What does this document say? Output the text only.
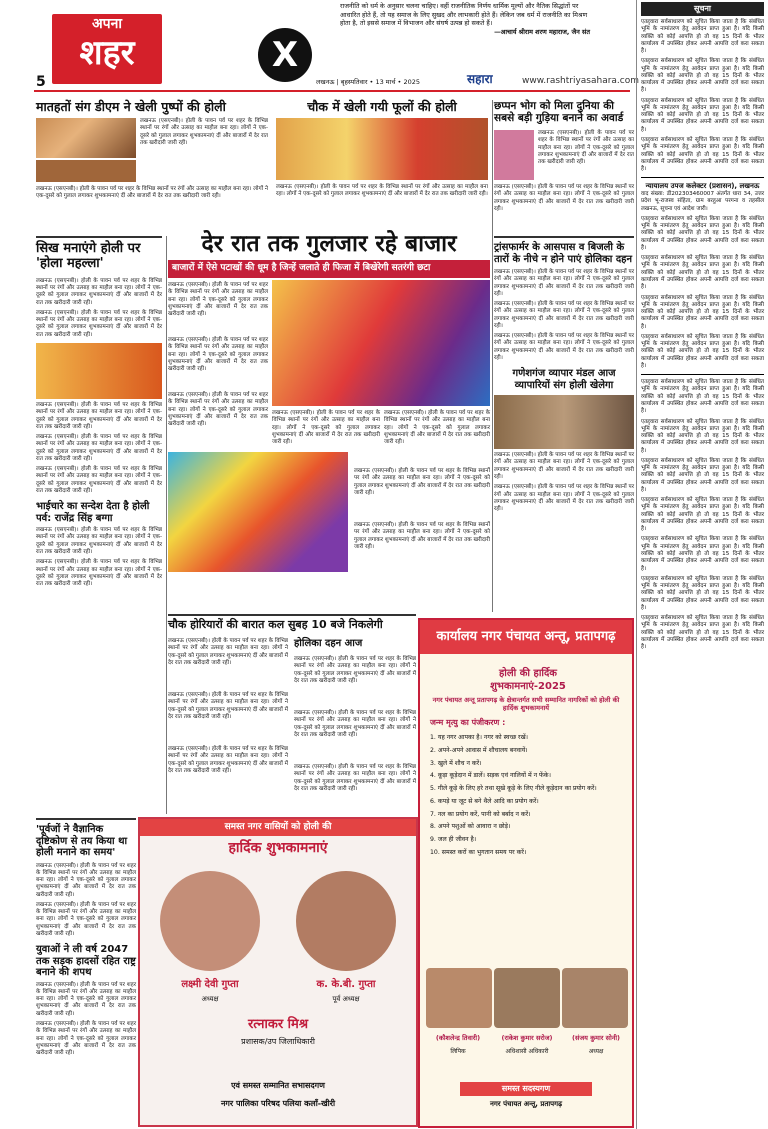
अपना
शहर
5
X
राजनीति को धर्म के अनुसार चलना चाहिए। वहीं राजनीतिक निर्णय धार्मिक मूल्यों और नैतिक सिद्धांतों पर आधारित होते हैं, तो यह समाज के लिए सुखद और लाभकारी होते हैं। लेकिन जब धर्म में राजनीति का मिश्रण होता है, तो इससे समाज में विभाजन और संघर्ष उत्पन्न हो सकते हैं।

—आचार्य श्रीराम शरण महाराज, जैन संत
लखनऊ | बृहस्पतिवार • 13 मार्च • 2025	सहारा	www.rashtriyasahara.com
सूचना

एतद्द्वारा सर्वसाधारण को सूचित किया जाता है कि संबंधित भूमि के नामांतरण हेतु आवेदन प्राप्त हुआ है। यदि किसी व्यक्ति को कोई आपत्ति हो तो वह 15 दिनों के भीतर कार्यालय में उपस्थित होकर अपनी आपत्ति दर्ज करा सकता है।

एतद्द्वारा सर्वसाधारण को सूचित किया जाता है कि संबंधित भूमि के नामांतरण हेतु आवेदन प्राप्त हुआ है। यदि किसी व्यक्ति को कोई आपत्ति हो तो वह 15 दिनों के भीतर कार्यालय में उपस्थित होकर अपनी आपत्ति दर्ज करा सकता है।

एतद्द्वारा सर्वसाधारण को सूचित किया जाता है कि संबंधित भूमि के नामांतरण हेतु आवेदन प्राप्त हुआ है। यदि किसी व्यक्ति को कोई आपत्ति हो तो वह 15 दिनों के भीतर कार्यालय में उपस्थित होकर अपनी आपत्ति दर्ज करा सकता है।

एतद्द्वारा सर्वसाधारण को सूचित किया जाता है कि संबंधित भूमि के नामांतरण हेतु आवेदन प्राप्त हुआ है। यदि किसी व्यक्ति को कोई आपत्ति हो तो वह 15 दिनों के भीतर कार्यालय में उपस्थित होकर अपनी आपत्ति दर्ज करा सकता है।

न्यायालय उपज कलेक्टर (प्रशासन), लखनऊ

वाद संख्या: डी202303460007 अंतर्गत धारा 34, उत्तर प्रदेश भू-राजस्व संहिता, ग्राम बरहुआ परगना व तहसील लखनऊ, सूचना एवं आदेश जारी।

एतद्द्वारा सर्वसाधारण को सूचित किया जाता है कि संबंधित भूमि के नामांतरण हेतु आवेदन प्राप्त हुआ है। यदि किसी व्यक्ति को कोई आपत्ति हो तो वह 15 दिनों के भीतर कार्यालय में उपस्थित होकर अपनी आपत्ति दर्ज करा सकता है।

एतद्द्वारा सर्वसाधारण को सूचित किया जाता है कि संबंधित भूमि के नामांतरण हेतु आवेदन प्राप्त हुआ है। यदि किसी व्यक्ति को कोई आपत्ति हो तो वह 15 दिनों के भीतर कार्यालय में उपस्थित होकर अपनी आपत्ति दर्ज करा सकता है।

एतद्द्वारा सर्वसाधारण को सूचित किया जाता है कि संबंधित भूमि के नामांतरण हेतु आवेदन प्राप्त हुआ है। यदि किसी व्यक्ति को कोई आपत्ति हो तो वह 15 दिनों के भीतर कार्यालय में उपस्थित होकर अपनी आपत्ति दर्ज करा सकता है।

एतद्द्वारा सर्वसाधारण को सूचित किया जाता है कि संबंधित भूमि के नामांतरण हेतु आवेदन प्राप्त हुआ है। यदि किसी व्यक्ति को कोई आपत्ति हो तो वह 15 दिनों के भीतर कार्यालय में उपस्थित होकर अपनी आपत्ति दर्ज करा सकता है।

एतद्द्वारा सर्वसाधारण को सूचित किया जाता है कि संबंधित भूमि के नामांतरण हेतु आवेदन प्राप्त हुआ है। यदि किसी व्यक्ति को कोई आपत्ति हो तो वह 15 दिनों के भीतर कार्यालय में उपस्थित होकर अपनी आपत्ति दर्ज करा सकता है।

एतद्द्वारा सर्वसाधारण को सूचित किया जाता है कि संबंधित भूमि के नामांतरण हेतु आवेदन प्राप्त हुआ है। यदि किसी व्यक्ति को कोई आपत्ति हो तो वह 15 दिनों के भीतर कार्यालय में उपस्थित होकर अपनी आपत्ति दर्ज करा सकता है।

एतद्द्वारा सर्वसाधारण को सूचित किया जाता है कि संबंधित भूमि के नामांतरण हेतु आवेदन प्राप्त हुआ है। यदि किसी व्यक्ति को कोई आपत्ति हो तो वह 15 दिनों के भीतर कार्यालय में उपस्थित होकर अपनी आपत्ति दर्ज करा सकता है।

एतद्द्वारा सर्वसाधारण को सूचित किया जाता है कि संबंधित भूमि के नामांतरण हेतु आवेदन प्राप्त हुआ है। यदि किसी व्यक्ति को कोई आपत्ति हो तो वह 15 दिनों के भीतर कार्यालय में उपस्थित होकर अपनी आपत्ति दर्ज करा सकता है।

एतद्द्वारा सर्वसाधारण को सूचित किया जाता है कि संबंधित भूमि के नामांतरण हेतु आवेदन प्राप्त हुआ है। यदि किसी व्यक्ति को कोई आपत्ति हो तो वह 15 दिनों के भीतर कार्यालय में उपस्थित होकर अपनी आपत्ति दर्ज करा सकता है।

एतद्द्वारा सर्वसाधारण को सूचित किया जाता है कि संबंधित भूमि के नामांतरण हेतु आवेदन प्राप्त हुआ है। यदि किसी व्यक्ति को कोई आपत्ति हो तो वह 15 दिनों के भीतर कार्यालय में उपस्थित होकर अपनी आपत्ति दर्ज करा सकता है।

एतद्द्वारा सर्वसाधारण को सूचित किया जाता है कि संबंधित भूमि के नामांतरण हेतु आवेदन प्राप्त हुआ है। यदि किसी व्यक्ति को कोई आपत्ति हो तो वह 15 दिनों के भीतर कार्यालय में उपस्थित होकर अपनी आपत्ति दर्ज करा सकता है।

मातहतों संग डीएम ने खेली पुष्पों की होली
लखनऊ (एसएनबी)। होली के पावन पर्व पर शहर के विभिन्न स्थानों पर रंगों और उत्साह का माहौल बना रहा। लोगों ने एक-दूसरे को गुलाल लगाकर शुभकामनाएं दीं और बाजारों में देर रात तक खरीदारी जारी रही।
लखनऊ (एसएनबी)। होली के पावन पर्व पर शहर के विभिन्न स्थानों पर रंगों और उत्साह का माहौल बना रहा। लोगों ने एक-दूसरे को गुलाल लगाकर शुभकामनाएं दीं और बाजारों में देर रात तक खरीदारी जारी रही।
चौक में खेली गयी फूलों की होली
लखनऊ (एसएनबी)। होली के पावन पर्व पर शहर के विभिन्न स्थानों पर रंगों और उत्साह का माहौल बना रहा। लोगों ने एक-दूसरे को गुलाल लगाकर शुभकामनाएं दीं और बाजारों में देर रात तक खरीदारी जारी रही।
छप्पन भोग को मिला दुनिया की सबसे बड़ी गुड़िया बनाने का अवार्ड
लखनऊ (एसएनबी)। होली के पावन पर्व पर शहर के विभिन्न स्थानों पर रंगों और उत्साह का माहौल बना रहा। लोगों ने एक-दूसरे को गुलाल लगाकर शुभकामनाएं दीं और बाजारों में देर रात तक खरीदारी जारी रही।
लखनऊ (एसएनबी)। होली के पावन पर्व पर शहर के विभिन्न स्थानों पर रंगों और उत्साह का माहौल बना रहा। लोगों ने एक-दूसरे को गुलाल लगाकर शुभकामनाएं दीं और बाजारों में देर रात तक खरीदारी जारी रही।
सिख मनाएंगे होली पर 'होला महल्ला'
लखनऊ (एसएनबी)। होली के पावन पर्व पर शहर के विभिन्न स्थानों पर रंगों और उत्साह का माहौल बना रहा। लोगों ने एक-दूसरे को गुलाल लगाकर शुभकामनाएं दीं और बाजारों में देर रात तक खरीदारी जारी रही।
लखनऊ (एसएनबी)। होली के पावन पर्व पर शहर के विभिन्न स्थानों पर रंगों और उत्साह का माहौल बना रहा। लोगों ने एक-दूसरे को गुलाल लगाकर शुभकामनाएं दीं और बाजारों में देर रात तक खरीदारी जारी रही।
लखनऊ (एसएनबी)। होली के पावन पर्व पर शहर के विभिन्न स्थानों पर रंगों और उत्साह का माहौल बना रहा। लोगों ने एक-दूसरे को गुलाल लगाकर शुभकामनाएं दीं और बाजारों में देर रात तक खरीदारी जारी रही।
लखनऊ (एसएनबी)। होली के पावन पर्व पर शहर के विभिन्न स्थानों पर रंगों और उत्साह का माहौल बना रहा। लोगों ने एक-दूसरे को गुलाल लगाकर शुभकामनाएं दीं और बाजारों में देर रात तक खरीदारी जारी रही।
लखनऊ (एसएनबी)। होली के पावन पर्व पर शहर के विभिन्न स्थानों पर रंगों और उत्साह का माहौल बना रहा। लोगों ने एक-दूसरे को गुलाल लगाकर शुभकामनाएं दीं और बाजारों में देर रात तक खरीदारी जारी रही।
भाईचारे का सन्देश देता है होली पर्व: राजेंद्र सिंह बग्गा
लखनऊ (एसएनबी)। होली के पावन पर्व पर शहर के विभिन्न स्थानों पर रंगों और उत्साह का माहौल बना रहा। लोगों ने एक-दूसरे को गुलाल लगाकर शुभकामनाएं दीं और बाजारों में देर रात तक खरीदारी जारी रही।
लखनऊ (एसएनबी)। होली के पावन पर्व पर शहर के विभिन्न स्थानों पर रंगों और उत्साह का माहौल बना रहा। लोगों ने एक-दूसरे को गुलाल लगाकर शुभकामनाएं दीं और बाजारों में देर रात तक खरीदारी जारी रही।
'पूर्वजों ने वैज्ञानिक दृष्टिकोण से तय किया था होली मनाने का समय'
लखनऊ (एसएनबी)। होली के पावन पर्व पर शहर के विभिन्न स्थानों पर रंगों और उत्साह का माहौल बना रहा। लोगों ने एक-दूसरे को गुलाल लगाकर शुभकामनाएं दीं और बाजारों में देर रात तक खरीदारी जारी रही।
लखनऊ (एसएनबी)। होली के पावन पर्व पर शहर के विभिन्न स्थानों पर रंगों और उत्साह का माहौल बना रहा। लोगों ने एक-दूसरे को गुलाल लगाकर शुभकामनाएं दीं और बाजारों में देर रात तक खरीदारी जारी रही।
युवाओं ने ली वर्ष 2047 तक सड़क हादसों रहित राष्ट्र बनाने की शपथ
लखनऊ (एसएनबी)। होली के पावन पर्व पर शहर के विभिन्न स्थानों पर रंगों और उत्साह का माहौल बना रहा। लोगों ने एक-दूसरे को गुलाल लगाकर शुभकामनाएं दीं और बाजारों में देर रात तक खरीदारी जारी रही।
लखनऊ (एसएनबी)। होली के पावन पर्व पर शहर के विभिन्न स्थानों पर रंगों और उत्साह का माहौल बना रहा। लोगों ने एक-दूसरे को गुलाल लगाकर शुभकामनाएं दीं और बाजारों में देर रात तक खरीदारी जारी रही।
देर रात तक गुलजार रहे बाजार
बाजारों में ऐसे पटाखों की धूम है जिन्हें जलाते ही फिजा में बिखेरेगी सतरंगी छटा
लखनऊ (एसएनबी)। होली के पावन पर्व पर शहर के विभिन्न स्थानों पर रंगों और उत्साह का माहौल बना रहा। लोगों ने एक-दूसरे को गुलाल लगाकर शुभकामनाएं दीं और बाजारों में देर रात तक खरीदारी जारी रही।
लखनऊ (एसएनबी)। होली के पावन पर्व पर शहर के विभिन्न स्थानों पर रंगों और उत्साह का माहौल बना रहा। लोगों ने एक-दूसरे को गुलाल लगाकर शुभकामनाएं दीं और बाजारों में देर रात तक खरीदारी जारी रही।
लखनऊ (एसएनबी)। होली के पावन पर्व पर शहर के विभिन्न स्थानों पर रंगों और उत्साह का माहौल बना रहा। लोगों ने एक-दूसरे को गुलाल लगाकर शुभकामनाएं दीं और बाजारों में देर रात तक खरीदारी जारी रही।
लखनऊ (एसएनबी)। होली के पावन पर्व पर शहर के विभिन्न स्थानों पर रंगों और उत्साह का माहौल बना रहा। लोगों ने एक-दूसरे को गुलाल लगाकर शुभकामनाएं दीं और बाजारों में देर रात तक खरीदारी जारी रही।
लखनऊ (एसएनबी)। होली के पावन पर्व पर शहर के विभिन्न स्थानों पर रंगों और उत्साह का माहौल बना रहा। लोगों ने एक-दूसरे को गुलाल लगाकर शुभकामनाएं दीं और बाजारों में देर रात तक खरीदारी जारी रही।
लखनऊ (एसएनबी)। होली के पावन पर्व पर शहर के विभिन्न स्थानों पर रंगों और उत्साह का माहौल बना रहा। लोगों ने एक-दूसरे को गुलाल लगाकर शुभकामनाएं दीं और बाजारों में देर रात तक खरीदारी जारी रही।
लखनऊ (एसएनबी)। होली के पावन पर्व पर शहर के विभिन्न स्थानों पर रंगों और उत्साह का माहौल बना रहा। लोगों ने एक-दूसरे को गुलाल लगाकर शुभकामनाएं दीं और बाजारों में देर रात तक खरीदारी जारी रही।
ट्रांसफार्मर के आसपास व बिजली के तारों के नीचे न होने पाएं होलिका दहन
लखनऊ (एसएनबी)। होली के पावन पर्व पर शहर के विभिन्न स्थानों पर रंगों और उत्साह का माहौल बना रहा। लोगों ने एक-दूसरे को गुलाल लगाकर शुभकामनाएं दीं और बाजारों में देर रात तक खरीदारी जारी रही।
लखनऊ (एसएनबी)। होली के पावन पर्व पर शहर के विभिन्न स्थानों पर रंगों और उत्साह का माहौल बना रहा। लोगों ने एक-दूसरे को गुलाल लगाकर शुभकामनाएं दीं और बाजारों में देर रात तक खरीदारी जारी रही।
लखनऊ (एसएनबी)। होली के पावन पर्व पर शहर के विभिन्न स्थानों पर रंगों और उत्साह का माहौल बना रहा। लोगों ने एक-दूसरे को गुलाल लगाकर शुभकामनाएं दीं और बाजारों में देर रात तक खरीदारी जारी रही।
गणेशगंज व्यापार मंडल आज व्यापारियों संग होली खेलेगा
लखनऊ (एसएनबी)। होली के पावन पर्व पर शहर के विभिन्न स्थानों पर रंगों और उत्साह का माहौल बना रहा। लोगों ने एक-दूसरे को गुलाल लगाकर शुभकामनाएं दीं और बाजारों में देर रात तक खरीदारी जारी रही।
लखनऊ (एसएनबी)। होली के पावन पर्व पर शहर के विभिन्न स्थानों पर रंगों और उत्साह का माहौल बना रहा। लोगों ने एक-दूसरे को गुलाल लगाकर शुभकामनाएं दीं और बाजारों में देर रात तक खरीदारी जारी रही।
चौक होरियारों की बारात कल सुबह 10 बजे निकलेगी
लखनऊ (एसएनबी)। होली के पावन पर्व पर शहर के विभिन्न स्थानों पर रंगों और उत्साह का माहौल बना रहा। लोगों ने एक-दूसरे को गुलाल लगाकर शुभकामनाएं दीं और बाजारों में देर रात तक खरीदारी जारी रही।
लखनऊ (एसएनबी)। होली के पावन पर्व पर शहर के विभिन्न स्थानों पर रंगों और उत्साह का माहौल बना रहा। लोगों ने एक-दूसरे को गुलाल लगाकर शुभकामनाएं दीं और बाजारों में देर रात तक खरीदारी जारी रही।
लखनऊ (एसएनबी)। होली के पावन पर्व पर शहर के विभिन्न स्थानों पर रंगों और उत्साह का माहौल बना रहा। लोगों ने एक-दूसरे को गुलाल लगाकर शुभकामनाएं दीं और बाजारों में देर रात तक खरीदारी जारी रही।
होलिका दहन आज
लखनऊ (एसएनबी)। होली के पावन पर्व पर शहर के विभिन्न स्थानों पर रंगों और उत्साह का माहौल बना रहा। लोगों ने एक-दूसरे को गुलाल लगाकर शुभकामनाएं दीं और बाजारों में देर रात तक खरीदारी जारी रही।
लखनऊ (एसएनबी)। होली के पावन पर्व पर शहर के विभिन्न स्थानों पर रंगों और उत्साह का माहौल बना रहा। लोगों ने एक-दूसरे को गुलाल लगाकर शुभकामनाएं दीं और बाजारों में देर रात तक खरीदारी जारी रही।
लखनऊ (एसएनबी)। होली के पावन पर्व पर शहर के विभिन्न स्थानों पर रंगों और उत्साह का माहौल बना रहा। लोगों ने एक-दूसरे को गुलाल लगाकर शुभकामनाएं दीं और बाजारों में देर रात तक खरीदारी जारी रही।
कार्यालय नगर पंचायत अन्तू, प्रतापगढ़
होली की हार्दिक शुभकामनाएं-2025
नगर पंचायत अन्तू प्रतापगढ़ के क्षेत्रान्तर्गत सभी सम्मानित नागरिकों को होली की हार्दिक शुभकामनायें
जन्म मृत्यु का पंजीकरण :
1. यह नगर आपका है। नगर को स्वच्छ रखें।
2. अपने-अपने आवास में शौचालय बनवायें।
3. खुले में शौच न करें।
4. कूड़ा कूड़ेदान में डालें। सड़क एवं नालियों में न फेंके।
5. गीले कूड़े के लिए हरे तथा सूखे कूड़े के लिए नीले कूड़ेदान का प्रयोग करें।
6. कपड़े या जूट से बने थैले आदि का प्रयोग करें।
7. नल का प्रयोग करें, पानी को बर्बाद न करें।
8. अपने पशुओं को आवारा न छोड़े।
9. जल ही जीवन है।
10. समस्त करों का भुगतान समय पर करें।
(कौशलेन्द्र तिवारी)	(राकेश कुमार सरोज)	(संजय कुमार सोनी)
लिपिक	अधिशासी अधिकारी	अध्यक्ष
समस्त सदस्यगण
नगर पंचायत अन्तू, प्रतापगढ़
समस्त नगर वासियों को होली की
हार्दिक शुभकामनाएं
लक्ष्मी देवी गुप्ता	क. के.बी. गुप्ता
अध्यक्ष	पूर्व अध्यक्ष
रत्नाकर मिश्र
प्रशासक/उप जिलाधिकारी
एवं समस्त सम्मानित सभासदगण
नगर पालिका परिषद पलिया कलाँ-खीरी
